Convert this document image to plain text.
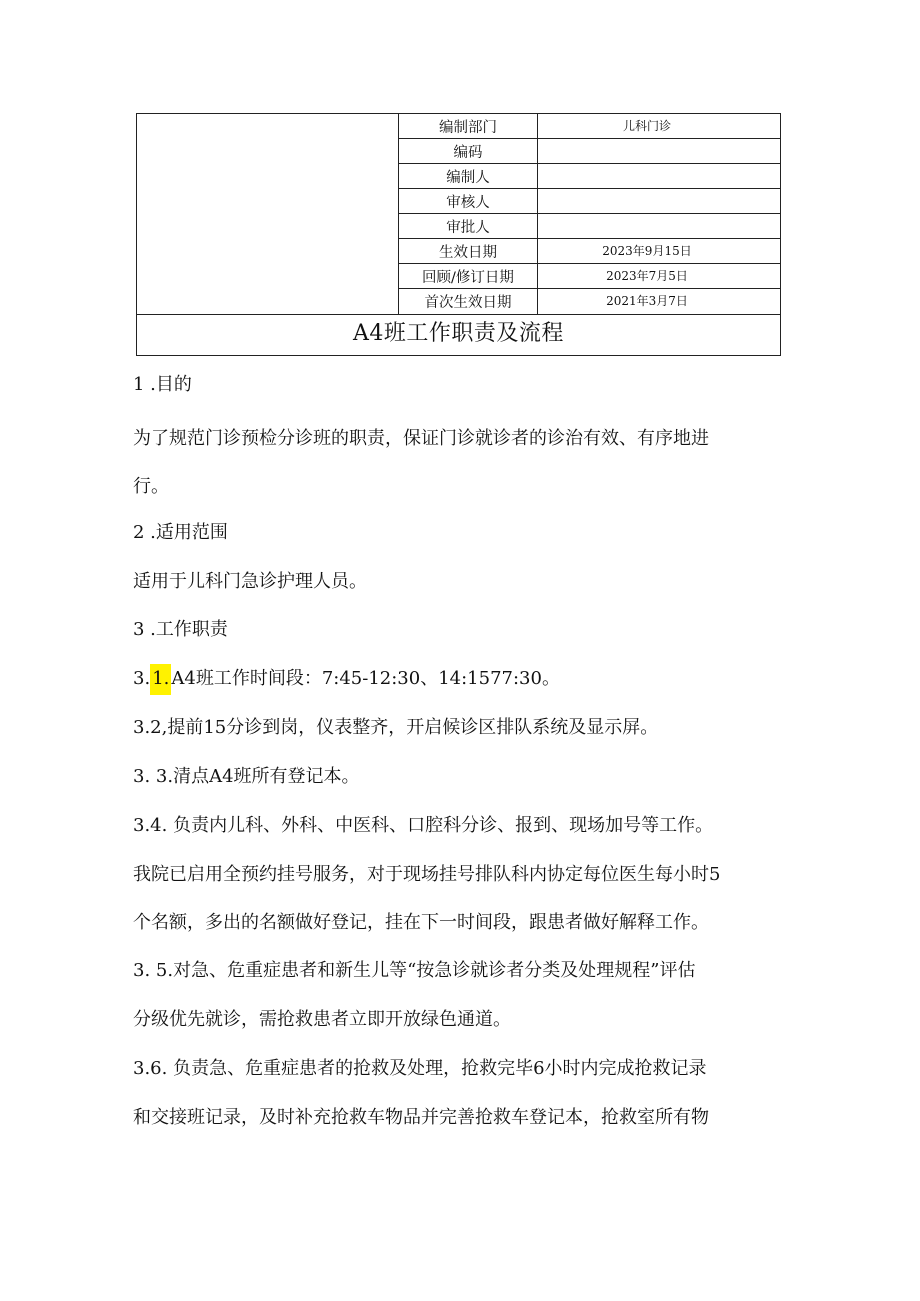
编制部门	儿科门诊
编码
编制人
审核人
审批人
生效日期	2023年9月15日
回顾/修订日期	2023年7月5日
首次生效日期	2021年3月7日
A4班工作职责及流程

1 .目的

为了规范门诊预检分诊班的职责，保证门诊就诊者的诊治有效、有序地进

行。

2 .适用范围

适用于儿科门急诊护理人员。

3 .工作职责

3. 1. A4班工作时间段：7:45-12:30、14:1577:30。

3.2,提前15分诊到岗，仪表整齐，开启候诊区排队系统及显示屏。

3. 3.清点A4班所有登记本。

3.4. 负责内儿科、外科、中医科、口腔科分诊、报到、现场加号等工作。

我院已启用全预约挂号服务，对于现场挂号排队科内协定每位医生每小时5

个名额，多出的名额做好登记，挂在下一时间段，跟患者做好解释工作。

3. 5.对急、危重症患者和新生儿等“按急诊就诊者分类及处理规程”评估

分级优先就诊，需抢救患者立即开放绿色通道。

3.6. 负责急、危重症患者的抢救及处理，抢救完毕6小时内完成抢救记录

和交接班记录，及时补充抢救车物品并完善抢救车登记本，抢救室所有物
